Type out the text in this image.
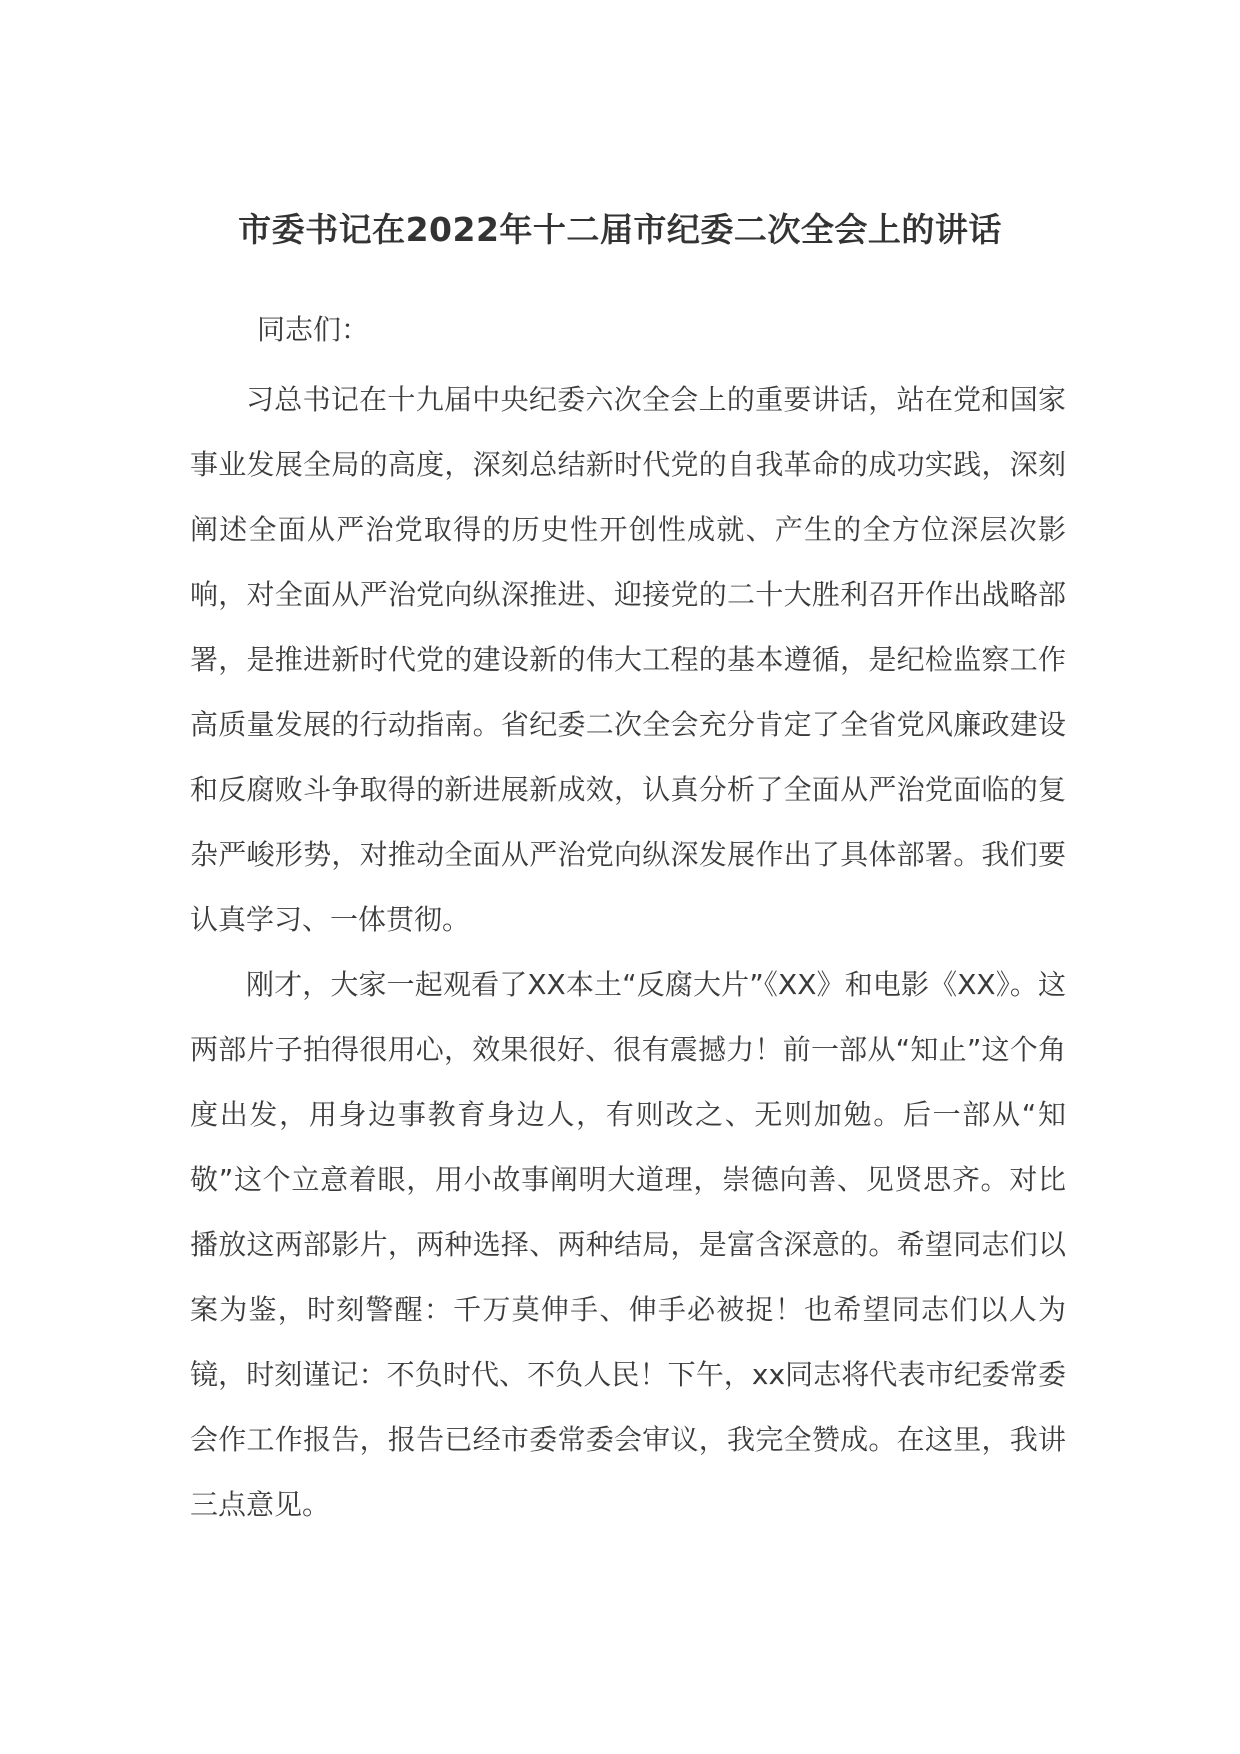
市委书记在2022年十二届市纪委二次全会上的讲话

同志们：

习总书记在十九届中央纪委六次全会上的重要讲话，站在党和国家事业发展全局的高度，深刻总结新时代党的自我革命的成功实践，深刻阐述全面从严治党取得的历史性开创性成就、产生的全方位深层次影响，对全面从严治党向纵深推进、迎接党的二十大胜利召开作出战略部署，是推进新时代党的建设新的伟大工程的基本遵循，是纪检监察工作高质量发展的行动指南。省纪委二次全会充分肯定了全省党风廉政建设和反腐败斗争取得的新进展新成效，认真分析了全面从严治党面临的复杂严峻形势，对推动全面从严治党向纵深发展作出了具体部署。我们要认真学习、一体贯彻。

刚才，大家一起观看了XX本土“反腐大片”《XX》和电影《XX》。这两部片子拍得很用心，效果很好、很有震撼力！前一部从“知止”这个角度出发，用身边事教育身边人，有则改之、无则加勉。后一部从“知敬”这个立意着眼，用小故事阐明大道理，崇德向善、见贤思齐。对比播放这两部影片，两种选择、两种结局，是富含深意的。希望同志们以案为鉴，时刻警醒：千万莫伸手、伸手必被捉！也希望同志们以人为镜，时刻谨记：不负时代、不负人民！下午，xx同志将代表市纪委常委会作工作报告，报告已经市委常委会审议，我完全赞成。在这里，我讲三点意见。
